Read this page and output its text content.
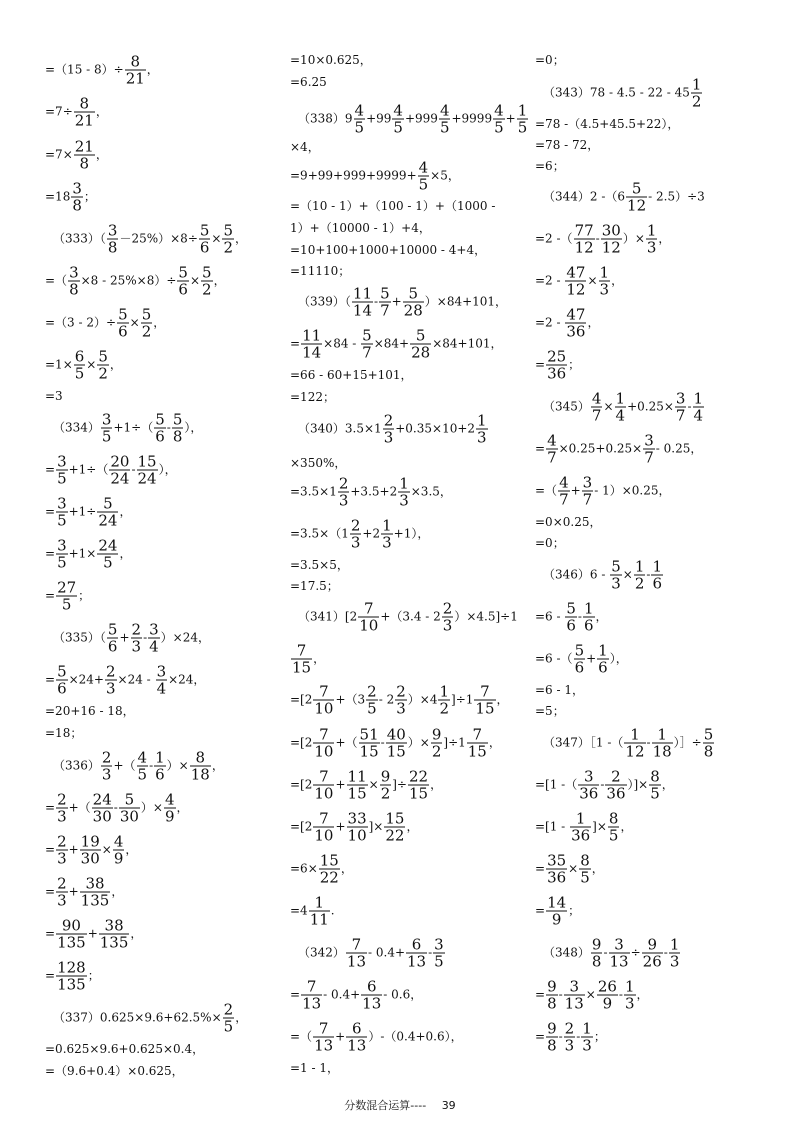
$=(15 - 8)\div \frac{8}{21}$ ，
$=7\div \frac{8}{21}$ ，
$=7\times \frac{21}{8}$ ，
$=18 \frac{3}{8}$ ；
$(333)( \frac{3}{8} -25\%)\times 8\div \frac{5}{6} \times \frac{5}{2}$ ，
=（ $\frac{3}{8} \times 8 - 25\%\times 8)\div \frac{5}{6} \times \frac{5}{2}$ ，
$=(3 - 2)\div \frac{5}{6} \times \frac{5}{2}$ ，
$=1\times \frac{6}{5} \times \frac{5}{2}$ ，
=3
$(334) \frac{3}{5} +1\div( \frac{5}{6} - \frac{5}{8}$ ），
= $\frac{3}{5} +1\div( \frac{20}{24} - \frac{15}{24}$ ），
= $\frac{3}{5} +1\div \frac{5}{24}$ ，
= $\frac{3}{5} +1\times \frac{24}{5}$ ，
= $\frac{27}{5}$ ；
$(335)( \frac{5}{6} + \frac{2}{3} - \frac{3}{4} )\times 24$，
= $\frac{5}{6} \times 24+ \frac{2}{3} \times 24 - \frac{3}{4} \times 24$，
=20+16 - 18，
=18；
$(336) \frac{2}{3}$ +（ $\frac{4}{5} - \frac{1}{6}$ ）× $\frac{8}{18}$ ，
= $\frac{2}{3}$ +（ $\frac{24}{30} - \frac{5}{30}$ ）× $\frac{4}{9}$ ，
= $\frac{2}{3} + \frac{19}{30} \times \frac{4}{9}$ ，
= $\frac{2}{3} + \frac{38}{135}$ ，
= $\frac{90}{135} + \frac{38}{135}$ ，
= $\frac{128}{135}$ ；
$(337)0.625\times 9.6+62.5\%\times \frac{2}{5}$ ，
=0.625×9.6+0.625×0.4，
=（9.6+0.4）×0.625，
=10×0.625，
=6.25
$(338)9 \frac{4}{5} +99 \frac{4}{5} +999 \frac{4}{5} +9999 \frac{4}{5} + \frac{1}{5}$
×4，
$=9+99+999+9999+ \frac{4}{5} \times 5$，
=（10 - 1）+（100 - 1）+（1000 -
1）+（10000 - 1）+4，
=10+100+1000+10000 - 4+4，
=11110；
$(339)( \frac{11}{14} - \frac{5}{7} + \frac{5}{28} )\times 84+101$，
= $\frac{11}{14} \times 84 - \frac{5}{7} \times 84+ \frac{5}{28} \times 84+101$，
=66 - 60+15+101，
=122；
$(340)3.5\times 1 \frac{2}{3} +0.35\times 10+2 \frac{1}{3}$
×350%，
$=3.5\times 1 \frac{2}{3} +3.5+2 \frac{1}{3} \times 3.5$，
$=3.5\times(1 \frac{2}{3} +2 \frac{1}{3} +1)$，
=3.5×5，
=17.5；
$(341)[2 \frac{7}{10} +(3.4 - 2 \frac{2}{3} )\times 4.5]\div 1$
$\frac{7}{15}$ ，
$=[2 \frac{7}{10} +(3 \frac{2}{5} - 2 \frac{2}{3} )\times 4 \frac{1}{2} ]\div 1 \frac{7}{15}$ ，
$=[2 \frac{7}{10}$ +（ $\frac{51}{15} - \frac{40}{15}$ ）× $\frac{9}{2} ]\div 1 \frac{7}{15}$ ，
$=[2 \frac{7}{10} + \frac{11}{15} \times \frac{9}{2}$ ]÷ $\frac{22}{15}$ ，
$=[2 \frac{7}{10} + \frac{33}{10}$ ]× $\frac{15}{22}$ ，
$=6\times \frac{15}{22}$ ，
$=4 \frac{1}{11}$ .
$(342) \frac{7}{13} - 0.4+ \frac{6}{13} - \frac{3}{5}$
= $\frac{7}{13} - 0.4+ \frac{6}{13} - 0.6$，
=（ $\frac{7}{13} + \frac{6}{13} )-(0.4+0.6)$，
=1 - 1，
=0；
$(343)78 - 4.5 - 22 - 45 \frac{1}{2}$
=78 -（4.5+45.5+22），
=78 - 72，
=6；
（344）2 $-(6 \frac{5}{12} - 2.5)\div 3$
=2 -（ $\frac{77}{12} - \frac{30}{12}$ ）× $\frac{1}{3}$ ，
$=2 - \frac{47}{12} \times \frac{1}{3}$ ，
$=2 - \frac{47}{36}$ ，
= $\frac{25}{36}$ ；
$(345) \frac{4}{7} \times \frac{1}{4} +0.25\times \frac{3}{7} - \frac{1}{4}$
= $\frac{4}{7} \times 0.25+0.25\times \frac{3}{7} - 0.25$，
=（ $\frac{4}{7} + \frac{3}{7} - 1)\times 0.25$，
=0×0.25，
=0；
$(346)6 - \frac{5}{3} \times \frac{1}{2} - \frac{1}{6}$
$=6 - \frac{5}{6} - \frac{1}{6}$ ，
=6 -（ $\frac{5}{6} + \frac{1}{6}$ ），
=6 - 1，
=5；
（347）［1 -（ $\frac{1}{12} - \frac{1}{18}$ ）］÷ $\frac{5}{8}$
=[1 -（ $\frac{3}{36} - \frac{2}{36}$ ）]× $\frac{8}{5}$ ，
$=[1 - \frac{1}{36}$ ]× $\frac{8}{5}$ ，
= $\frac{35}{36} \times \frac{8}{5}$ ，
= $\frac{14}{9}$ ；
$(348) \frac{9}{8} - \frac{3}{13} \div \frac{9}{26} - \frac{1}{3}$
= $\frac{9}{8} - \frac{3}{13} \times \frac{26}{9} - \frac{1}{3}$ ，
= $\frac{9}{8} - \frac{2}{3} - \frac{1}{3}$ ；
分数混合运算---- 39
